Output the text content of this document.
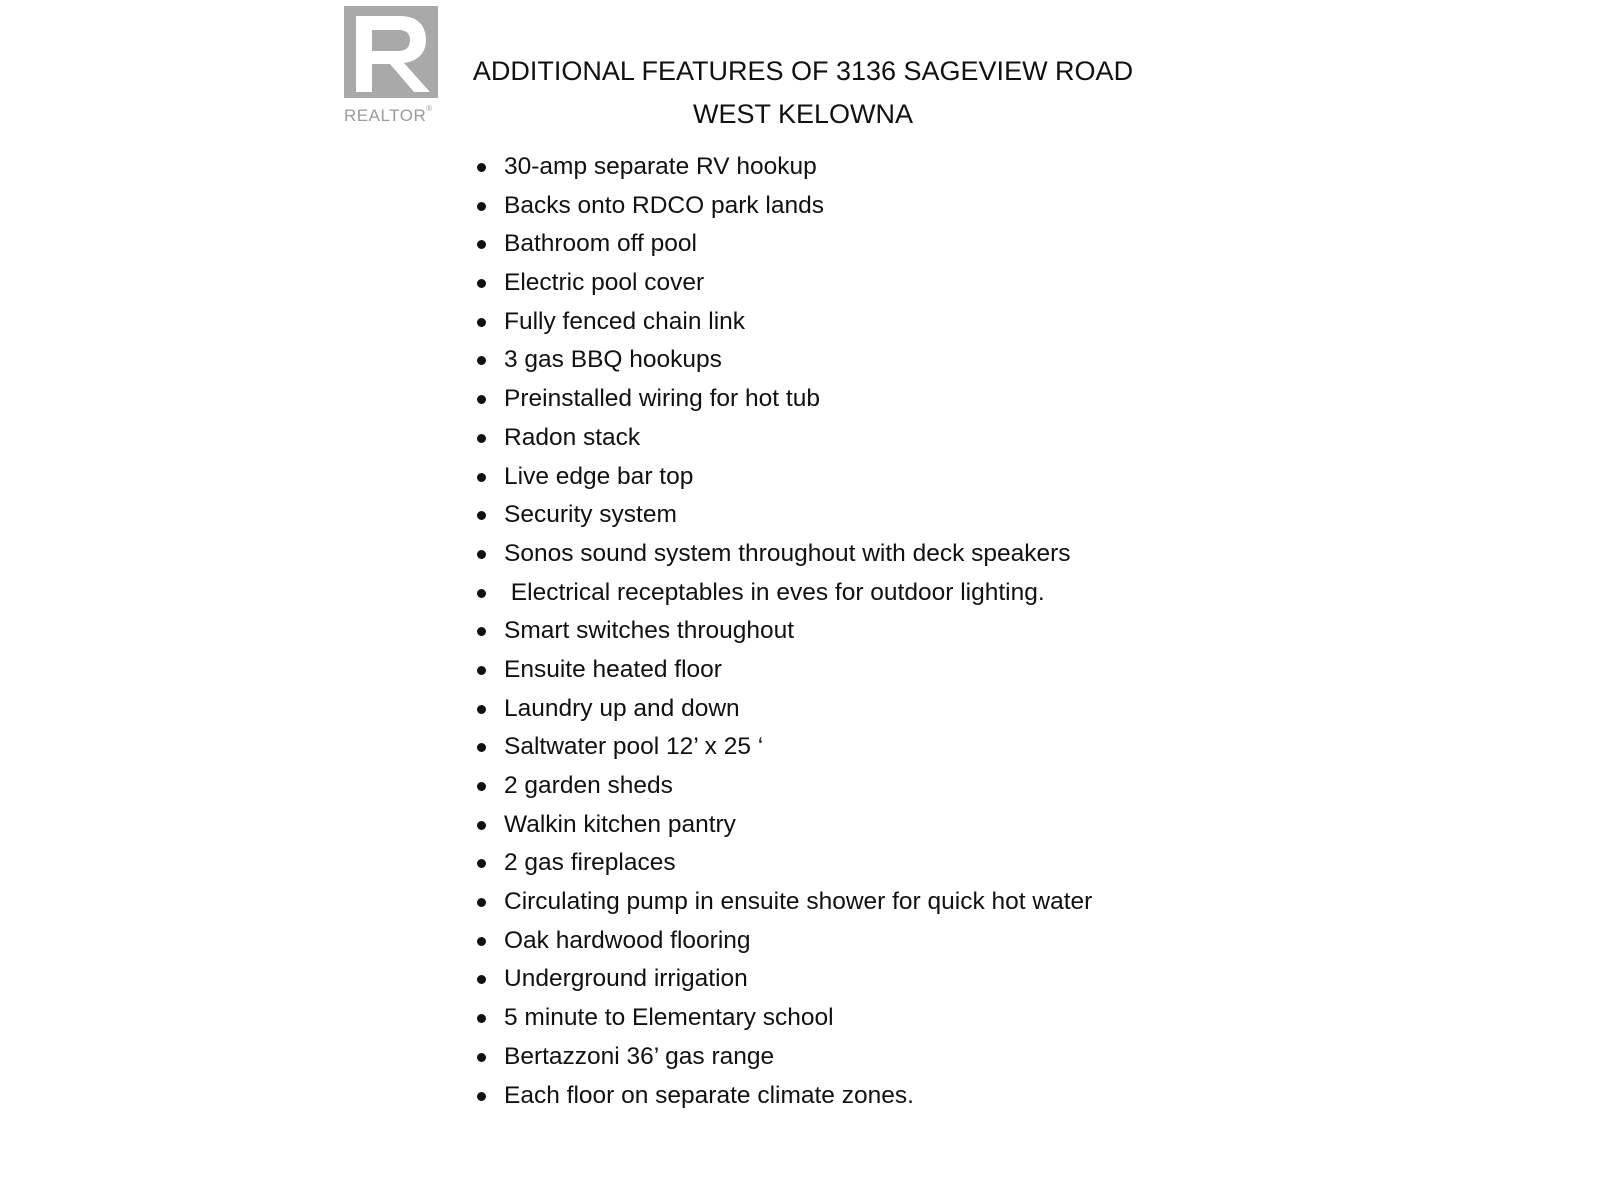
REALTOR®
ADDITIONAL FEATURES OF 3136 SAGEVIEW ROAD
WEST KELOWNA
30-amp separate RV hookup
Backs onto RDCO park lands
Bathroom off pool
Electric pool cover
Fully fenced chain link
3 gas BBQ hookups
Preinstalled wiring for hot tub
Radon stack
Live edge bar top
Security system
Sonos sound system throughout with deck speakers
Electrical receptables in eves for outdoor lighting.
Smart switches throughout
Ensuite heated floor
Laundry up and down
Saltwater pool 12’ x 25 ‘
2 garden sheds
Walkin kitchen pantry
2 gas fireplaces
Circulating pump in ensuite shower for quick hot water
Oak hardwood flooring
Underground irrigation
5 minute to Elementary school
Bertazzoni 36’ gas range
Each floor on separate climate zones.
